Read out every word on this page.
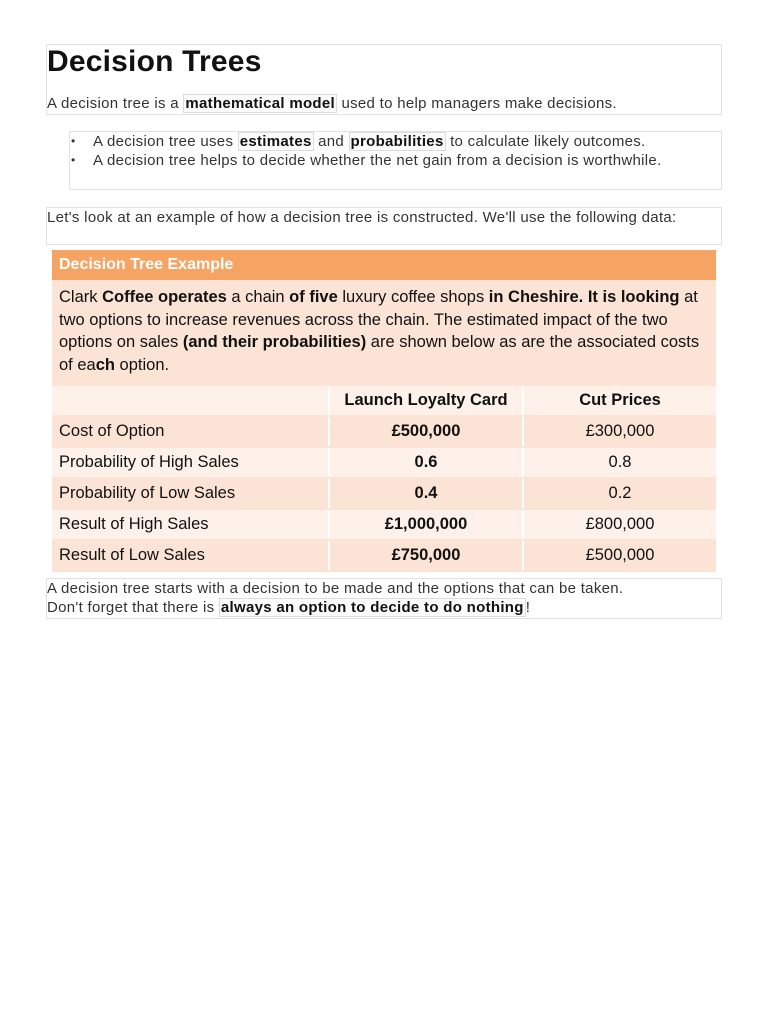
Decision Trees
A decision tree is a mathematical model used to help managers make decisions.
• A decision tree uses estimates and probabilities to calculate likely outcomes.
• A decision tree helps to decide whether the net gain from a decision is worthwhile.

Let's look at an example of how a decision tree is constructed. We'll use the following data:

Decision Tree Example
Clark Coffee operates a chain of five luxury coffee shops in Cheshire. It is looking at two options to increase revenues across the chain. The estimated impact of the two options on sales (and their probabilities) are shown below as are the associated costs of each option.
	Launch Loyalty Card	Cut Prices
Cost of Option	£500,000	£300,000
Probability of High Sales	0.6	0.8
Probability of Low Sales	0.4	0.2
Result of High Sales	£1,000,000	£800,000
Result of Low Sales	£750,000	£500,000

A decision tree starts with a decision to be made and the options that can be taken.
Don't forget that there is always an option to decide to do nothing !
